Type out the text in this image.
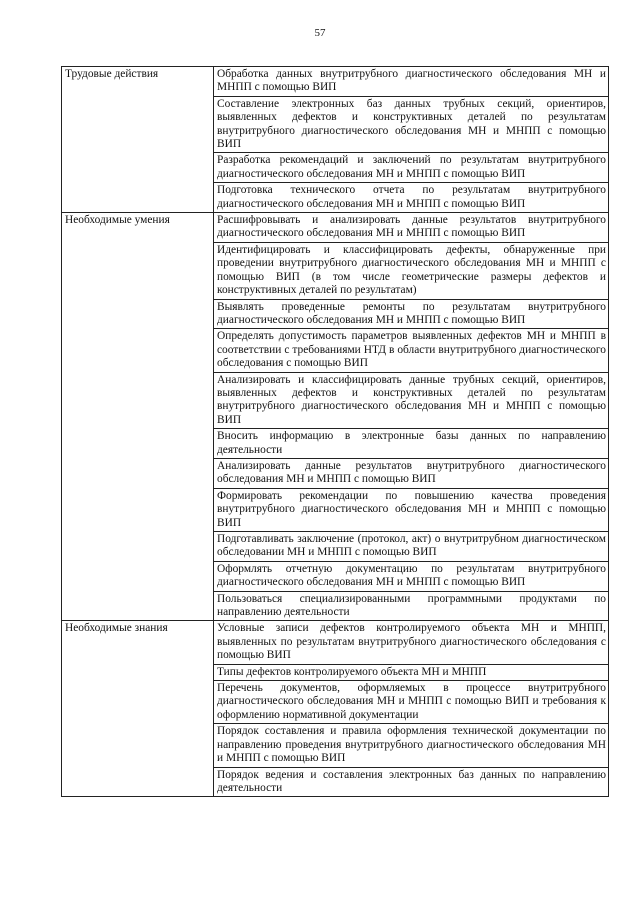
57
Трудовые действия	Обработка данных внутритрубного диагностического обследования МН и МНПП с помощью ВИП
	Составление электронных баз данных трубных секций, ориентиров, выявленных дефектов и конструктивных деталей по результатам внутритрубного диагностического обследования МН и МНПП с помощью ВИП
	Разработка рекомендаций и заключений по результатам внутритрубного диагностического обследования МН и МНПП с помощью ВИП
	Подготовка технического отчета по результатам внутритрубного диагностического обследования МН и МНПП с помощью ВИП
Необходимые умения	Расшифровывать и анализировать данные результатов внутритрубного диагностического обследования МН и МНПП с помощью ВИП
	Идентифицировать и классифицировать дефекты, обнаруженные при проведении внутритрубного диагностического обследования МН и МНПП с помощью ВИП (в том числе геометрические размеры дефектов и конструктивных деталей по результатам)
	Выявлять проведенные ремонты по результатам внутритрубного диагностического обследования МН и МНПП с помощью ВИП
	Определять допустимость параметров выявленных дефектов МН и МНПП в соответствии с требованиями НТД в области внутритрубного диагностического обследования с помощью ВИП
	Анализировать и классифицировать данные трубных секций, ориентиров, выявленных дефектов и конструктивных деталей по результатам внутритрубного диагностического обследования МН и МНПП с помощью ВИП
	Вносить информацию в электронные базы данных по направлению деятельности
	Анализировать данные результатов внутритрубного диагностического обследования МН и МНПП с помощью ВИП
	Формировать рекомендации по повышению качества проведения внутритрубного диагностического обследования МН и МНПП с помощью ВИП
	Подготавливать заключение (протокол, акт) о внутритрубном диагностическом обследовании МН и МНПП с помощью ВИП
	Оформлять отчетную документацию по результатам внутритрубного диагностического обследования МН и МНПП с помощью ВИП
	Пользоваться специализированными программными продуктами по направлению деятельности
Необходимые знания	Условные записи дефектов контролируемого объекта МН и МНПП, выявленных по результатам внутритрубного диагностического обследования с помощью ВИП
	Типы дефектов контролируемого объекта МН и МНПП
	Перечень документов, оформляемых в процессе внутритрубного диагностического обследования МН и МНПП с помощью ВИП и требования к оформлению нормативной документации
	Порядок составления и правила оформления технической документации по направлению проведения внутритрубного диагностического обследования МН и МНПП с помощью ВИП
	Порядок ведения и составления электронных баз данных по направлению деятельности
